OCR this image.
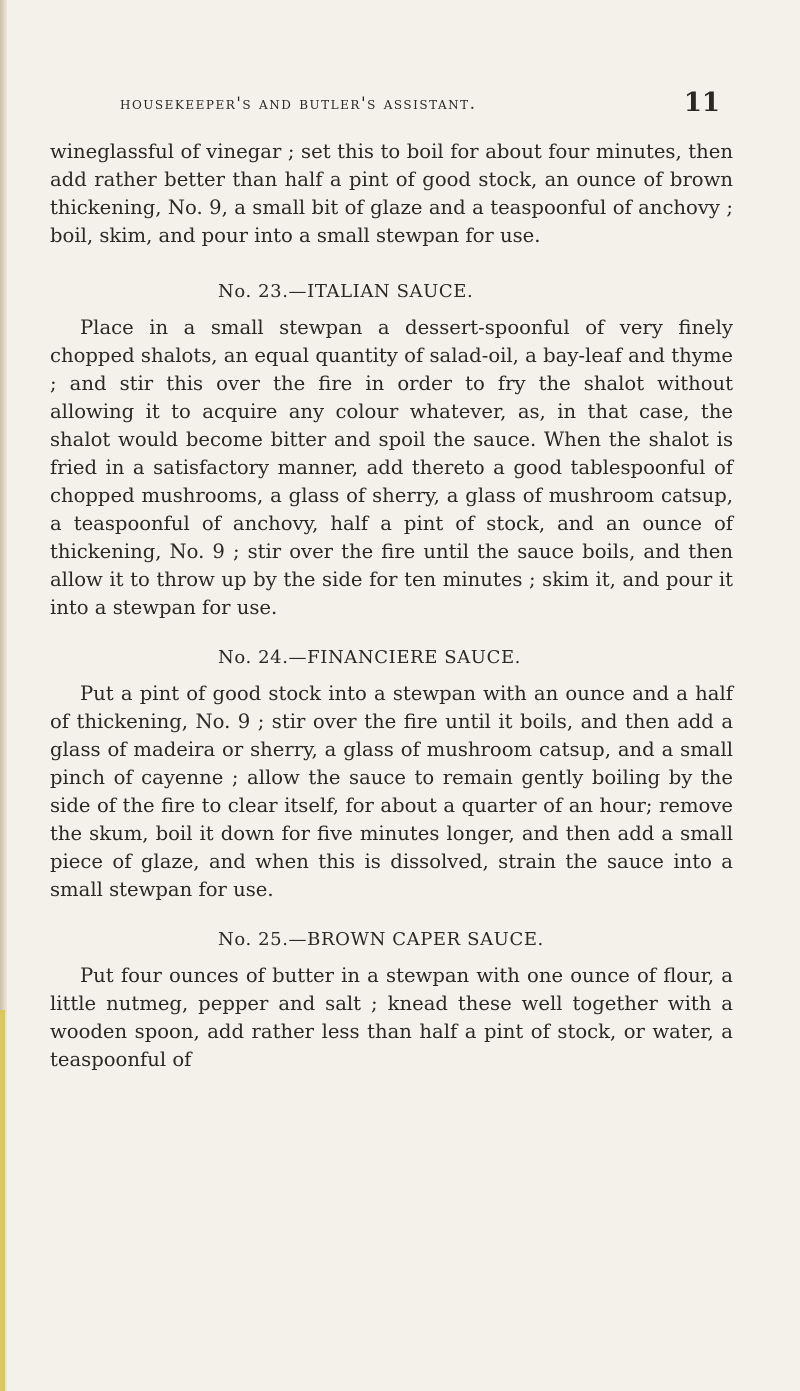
housekeeper's and butler's assistant.	11

wineglassful of vinegar ; set this to boil for about four minutes, then add rather better than half a pint of good stock, an ounce of brown thickening, No. 9, a small bit of glaze and a teaspoonful of anchovy ; boil, skim, and pour into a small stewpan for use.

No. 23.—ITALIAN SAUCE.

Place in a small stewpan a dessert-spoonful of very finely chopped shalots, an equal quantity of salad-oil, a bay-leaf and thyme ; and stir this over the fire in order to fry the shalot without allowing it to acquire any colour whatever, as, in that case, the shalot would become bitter and spoil the sauce. When the shalot is fried in a satisfactory manner, add thereto a good tablespoonful of chopped mushrooms, a glass of sherry, a glass of mushroom catsup, a teaspoonful of anchovy, half a pint of stock, and an ounce of thickening, No. 9 ; stir over the fire until the sauce boils, and then allow it to throw up by the side for ten minutes ; skim it, and pour it into a stewpan for use.

No. 24.—FINANCIERE SAUCE.

Put a pint of good stock into a stewpan with an ounce and a half of thickening, No. 9 ; stir over the fire until it boils, and then add a glass of madeira or sherry, a glass of mushroom catsup, and a small pinch of cayenne ; allow the sauce to remain gently boiling by the side of the fire to clear itself, for about a quarter of an hour; remove the skum, boil it down for five minutes longer, and then add a small piece of glaze, and when this is dissolved, strain the sauce into a small stewpan for use.

No. 25.—BROWN CAPER SAUCE.

Put four ounces of butter in a stewpan with one ounce of flour, a little nutmeg, pepper and salt ; knead these well together with a wooden spoon, add rather less than half a pint of stock, or water, a teaspoonful of
